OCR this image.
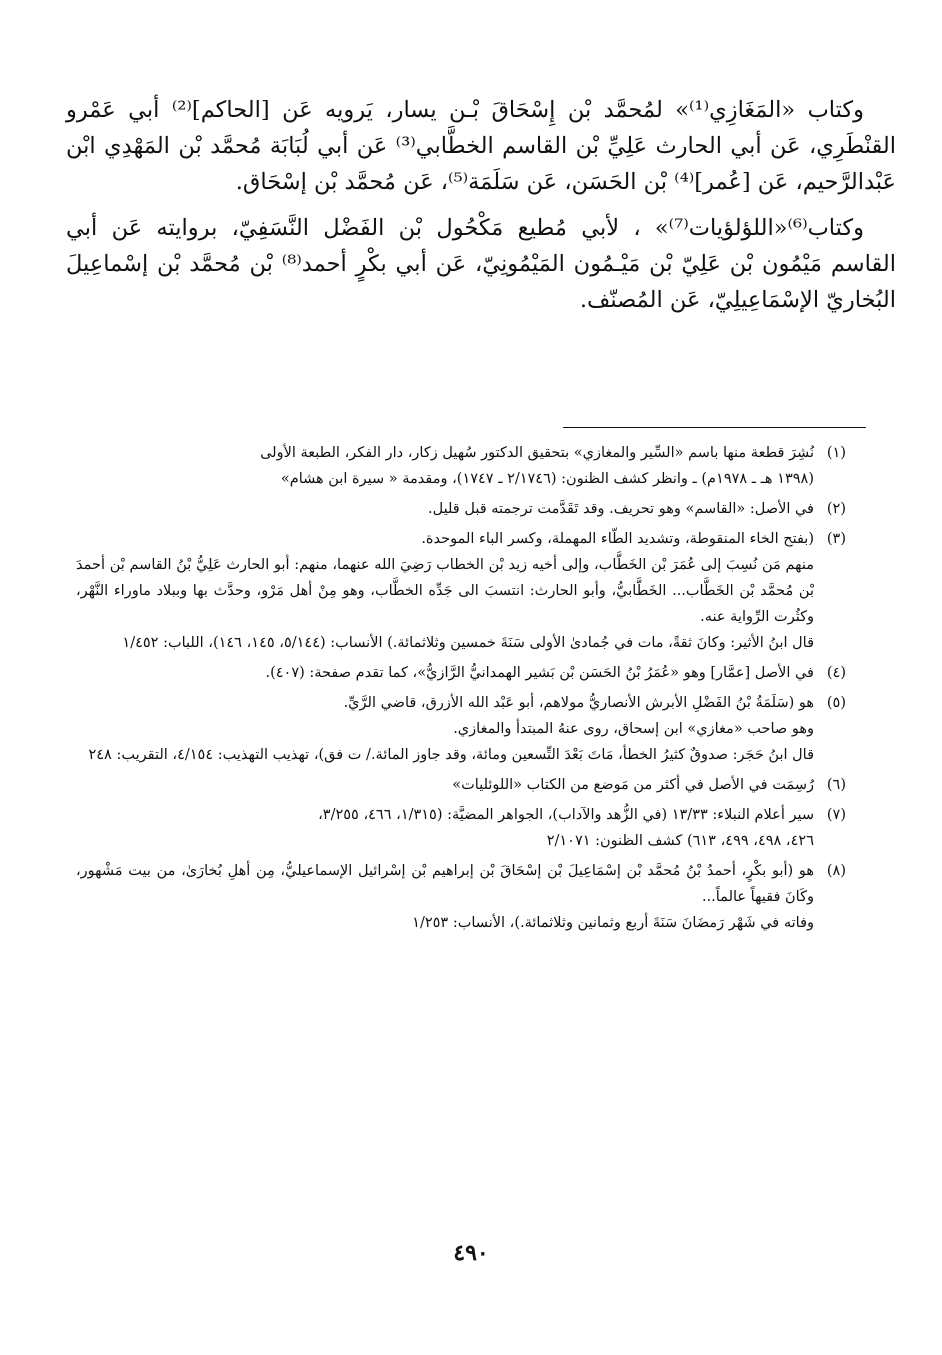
وكتاب «المَغَازِي⁽¹⁾» لمُحمَّد بْن إِسْحَاقَ بْـن يسار، يَرويه عَن [الحاكم]⁽²⁾ أبي عَمْرو القنْطَرِي، عَن أبي الحارث عَلِيِّ بْن القاسم الخطَّابي⁽³⁾ عَن أبي لُبَابَة مُحمَّد بْن المَهْدِي ابْن عَبْدالرَّحيم، عَن [عُمر]⁽⁴⁾ بْن الحَسَن، عَن سَلَمَة⁽⁵⁾، عَن مُحمَّد بْن إسْحَاق.

وكتاب⁽⁶⁾«اللؤلؤيات⁽⁷⁾» ، لأبي مُطيع مَكْحُول بْن الفَضْل النَّسَفِيّ، بروايته عَن أبي القاسم مَيْمُون بْن عَلِيّ بْن مَيْـمُون المَيْمُونِيّ، عَن أبي بكْرٍ أحمد⁽⁸⁾ بْن مُحمَّد بْن إسْماعِيلَ البُخاريّ الإسْمَاعِيلِيّ، عَن المُصنّف.

(١)
نُشِرَ قطعة منها باسم «السِّير والمغازي» بتحقيق الدكتور سُهيل زكار، دار الفكر، الطبعة الأولى
(١٣٩٨ هـ ـ ١٩٧٨م) ـ وانظر كشف الظنون: (٢/١٧٤٦ ـ ١٧٤٧)، ومقدمة « سيرة ابن هشام»
(٢)
في الأصل: «القاسم» وهو تحريف. وقد تَقَدَّمت ترجمته قبل قليل.
(٣)
(بفتح الخاء المنقوطة، وتشديد الطّاء المهملة، وكسر الباء الموحدة.
منهم مَن نُسِبَ إلى عُمَرَ بْن الخَطَّاب، وإلى أخيه زيد بْن الخطاب رَضِيَ الله عنهما، منهم: أبو الحارث عَلِيُّ بْنُ القاسم بْن أحمدَ بْن مُحمَّد بْن الخَطَّاب... الخَطَّابيُّ، وأبو الحارث: انتسبَ الى جَدِّه الخطَّاب، وهو مِنْ أهل مَرْو، وحدَّث بها وببلاد ماوراء النَّهْر، وكثُرت الرِّواية عنه.
قال ابنُ الأثير: وكانَ ثقةً، مات في جُمادىٰ الأولى سَنَةَ خمسين وثلاثمائة.) الأنساب: (٥/١٤٤، ١٤٥، ١٤٦)، اللباب: ١/٤٥٢
(٤)
في الأصل [عمَّار] وهو «عُمَرُ بْنُ الحَسَن بْن بَشير الهمدانيُّ الرَّازيُّ»، كما تقدم صفحة: (٤٠٧).
(٥)
هو (سَلَمَةُ بْنُ الفَضْلِ الأبرش الأنصاريُّ مولاهم، أبو عَبْد الله الأزرق، قاضي الرَّيِّ.
وهو صاحب «مغازي» ابن إسحاق، روى عنهُ المبتدأ والمغازي.
قال ابنُ حَجَر: صدوقٌ كثيرُ الخطأ، مَاتَ بَعْدَ التِّسعين ومائة، وقد جاوز المائة./ ت فق)، تهذيب التهذيب: ٤/١٥٤، التقريب: ٢٤٨
(٦)
رُسِمَت في الأصل في أكثر من مَوضع من الكتاب «اللوئليات»
(٧)
سير أعلام النبلاء: ١٣/٣٣ (في الزُّهد والآداب)، الجواهر المضيَّة: (١/٣١٥، ٤٦٦، ٣/٢٥٥،
٤٢٦، ٤٩٨، ٤٩٩، ٦١٣) كشف الظنون: ٢/١٠٧١
(٨)
هو (أبو بكْرٍ، أحمدُ بْنُ مُحمَّد بْن إسْمَاعِيلَ بْن إسْحَاقَ بْن إبراهيم بْن إسْرائيل الإسماعيليُّ، مِن أهلِ بُخارَىٰ، من بيت مَشْهور، وكَانَ فقيهاً عالماً...
وفاته في شَهْر رَمضَانَ سَنَةَ أربع وثمانين وثلاثمائة.)، الأنساب: ١/٢٥٣
٤٩٠
